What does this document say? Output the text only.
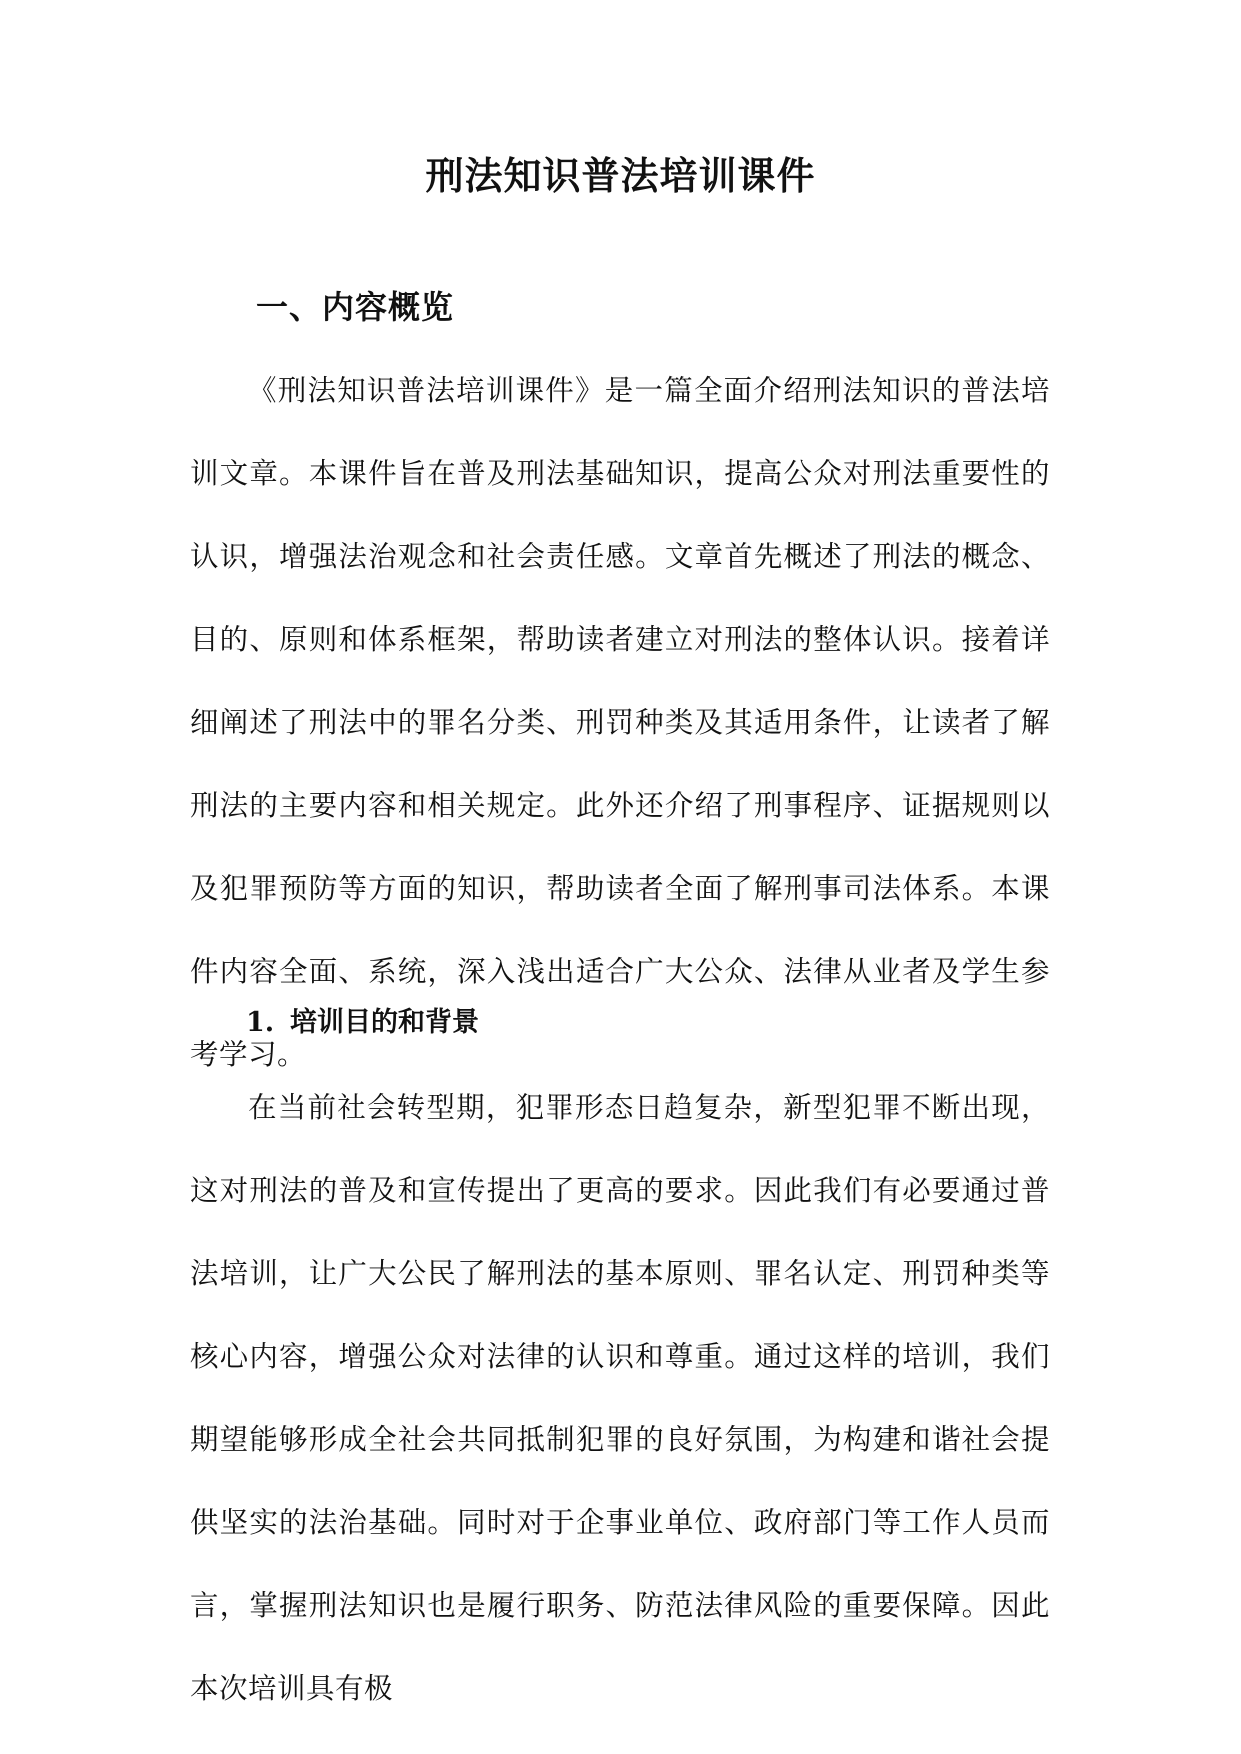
刑法知识普法培训课件
一、内容概览

《刑法知识普法培训课件》是一篇全面介绍刑法知识的普法培训文章。本课件旨在普及刑法基础知识，提高公众对刑法重要性的认识，增强法治观念和社会责任感。文章首先概述了刑法的概念、目的、原则和体系框架，帮助读者建立对刑法的整体认识。接着详细阐述了刑法中的罪名分类、刑罚种类及其适用条件，让读者了解刑法的主要内容和相关规定。此外还介绍了刑事程序、证据规则以及犯罪预防等方面的知识，帮助读者全面了解刑事司法体系。本课件内容全面、系统，深入浅出适合广大公众、法律从业者及学生参考学习。

1. 培训目的和背景

在当前社会转型期，犯罪形态日趋复杂，新型犯罪不断出现，这对刑法的普及和宣传提出了更高的要求。因此我们有必要通过普法培训，让广大公民了解刑法的基本原则、罪名认定、刑罚种类等核心内容，增强公众对法律的认识和尊重。通过这样的培训，我们期望能够形成全社会共同抵制犯罪的良好氛围，为构建和谐社会提供坚实的法治基础。同时对于企事业单位、政府部门等工作人员而言，掌握刑法知识也是履行职务、防范法律风险的重要保障。因此本次培训具有极
